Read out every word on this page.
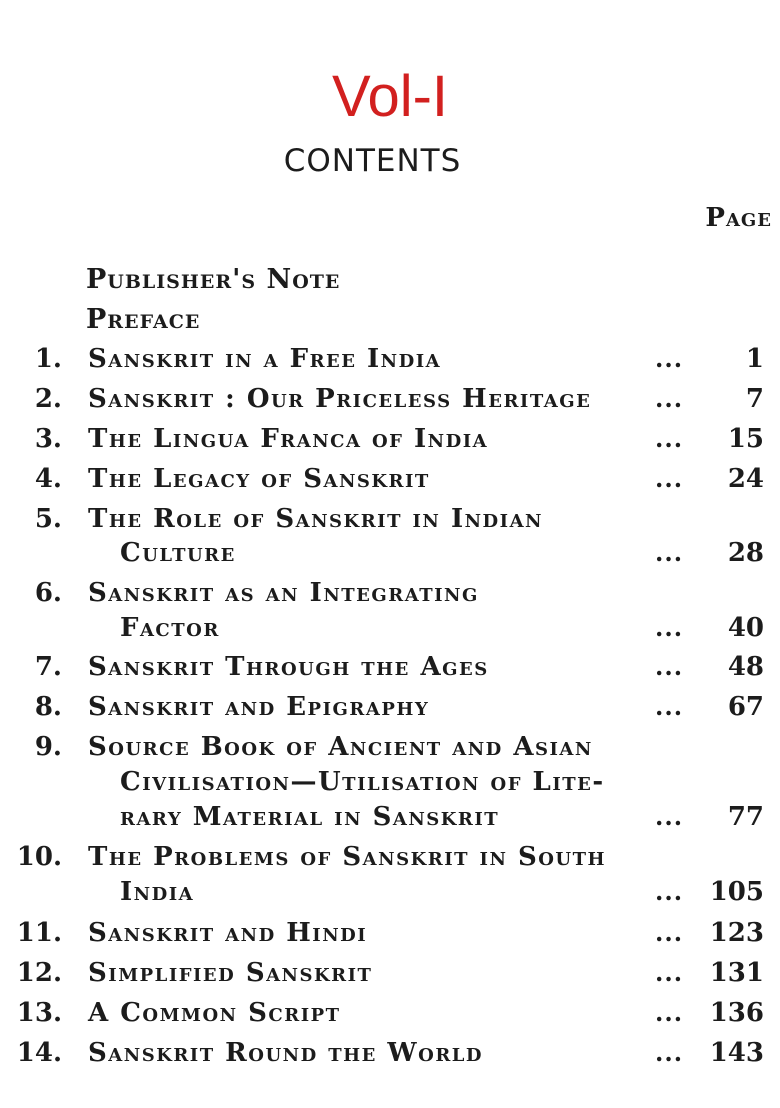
Vol-I
CONTENTS
Page
Publisher's Note
Preface
1. Sanskrit in a Free India	... 1
2. Sanskrit : Our Priceless Heritage	... 7
3. The Lingua Franca of India	... 15
4. The Legacy of Sanskrit	... 24
5. The Role of Sanskrit in Indian
Culture	... 28
6. Sanskrit as an Integrating
Factor	... 40
7. Sanskrit Through the Ages	... 48
8. Sanskrit and Epigraphy	... 67
9. Source Book of Ancient and Asian
Civilisation—Utilisation of Lite-
rary Material in Sanskrit	... 77
10. The Problems of Sanskrit in South
India	... 105
11. Sanskrit and Hindi	... 123
12. Simplified Sanskrit	... 131
13. A Common Script	... 136
14. Sanskrit Round the World	... 143
